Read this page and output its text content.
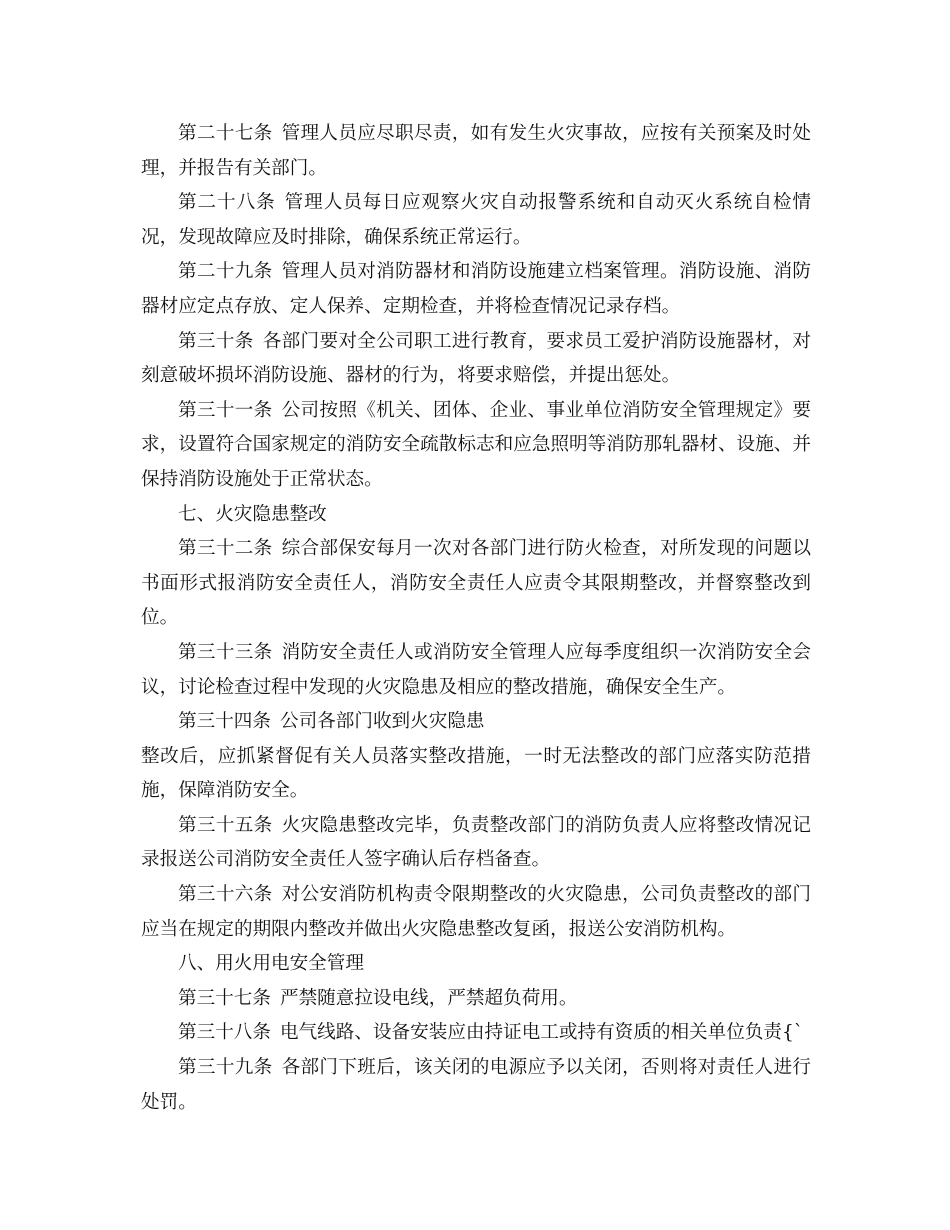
第二十七条 管理人员应尽职尽责，如有发生火灾事故，应按有关预案及时处理，并报告有关部门。

第二十八条 管理人员每日应观察火灾自动报警系统和自动灭火系统自检情况，发现故障应及时排除，确保系统正常运行。

第二十九条 管理人员对消防器材和消防设施建立档案管理。消防设施、消防器材应定点存放、定人保养、定期检查，并将检查情况记录存档。

第三十条 各部门要对全公司职工进行教育，要求员工爱护消防设施器材，对刻意破坏损坏消防设施、器材的行为，将要求赔偿，并提出惩处。

第三十一条 公司按照《机关、团体、企业、事业单位消防安全管理规定》要求，设置符合国家规定的消防安全疏散标志和应急照明等消防那轧器材、设施、并保持消防设施处于正常状态。

七、火灾隐患整改

第三十二条 综合部保安每月一次对各部门进行防火检查，对所发现的问题以书面形式报消防安全责任人，消防安全责任人应责令其限期整改，并督察整改到位。

第三十三条 消防安全责任人或消防安全管理人应每季度组织一次消防安全会议，讨论检查过程中发现的火灾隐患及相应的整改措施，确保安全生产。

第三十四条 公司各部门收到火灾隐患

整改后，应抓紧督促有关人员落实整改措施，一时无法整改的部门应落实防范措施，保障消防安全。

第三十五条 火灾隐患整改完毕，负责整改部门的消防负责人应将整改情况记录报送公司消防安全责任人签字确认后存档备查。

第三十六条 对公安消防机构责令限期整改的火灾隐患，公司负责整改的部门应当在规定的期限内整改并做出火灾隐患整改复函，报送公安消防机构。

八、用火用电安全管理

第三十七条 严禁随意拉设电线，严禁超负荷用。

第三十八条 电气线路、设备安装应由持证电工或持有资质的相关单位负责{`

第三十九条 各部门下班后，该关闭的电源应予以关闭，否则将对责任人进行处罚。
